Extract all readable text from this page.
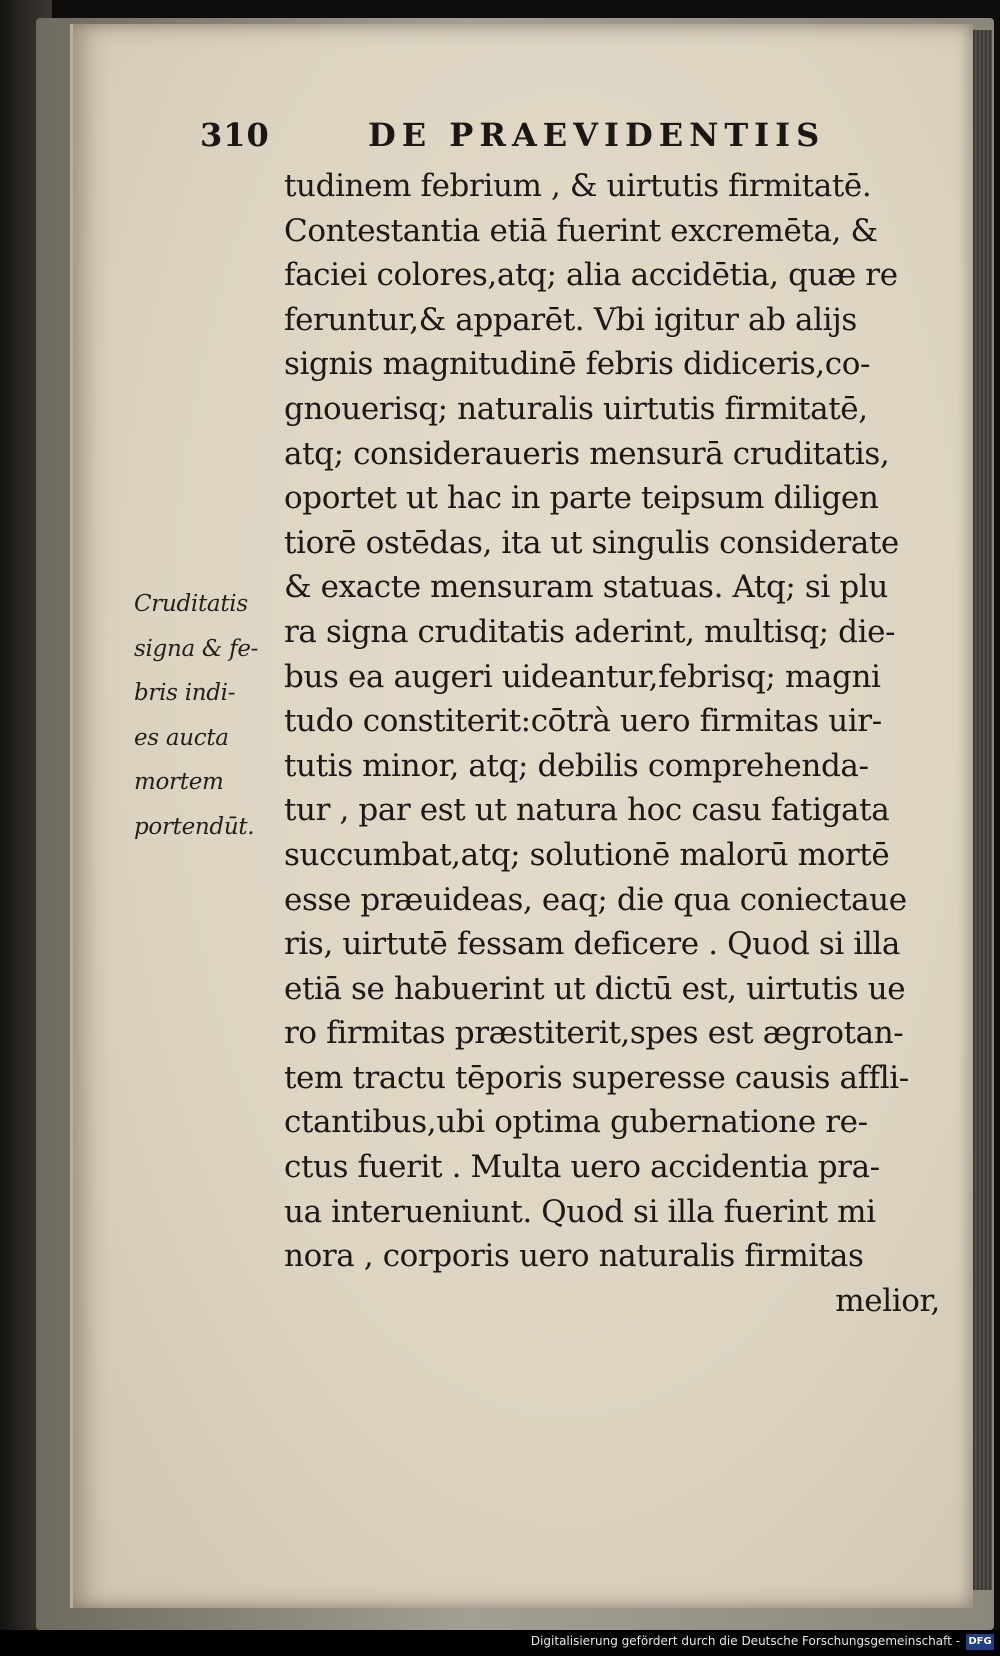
310	DE PRAEVIDENTIIS
Cruditatis
signa & fe-
bris indi-
es aucta
mortem
portendūt.
tudinem febrium , & uirtutis firmitatē.
Contestantia etiā fuerint excremēta, &
faciei colores,atq; alia accidētia, quæ re
feruntur,& apparēt. Vbi igitur ab alijs
signis magnitudinē febris didiceris,co-
gnouerisq; naturalis uirtutis firmitatē,
atq; consideraueris mensurā cruditatis,
oportet ut hac in parte teipsum diligen
tiorē ostēdas, ita ut singulis considerate
& exacte mensuram statuas. Atq; si plu
ra signa cruditatis aderint, multisq; die-
bus ea augeri uideantur,febrisq; magni
tudo constiterit:cōtrà uero firmitas uir-
tutis minor, atq; debilis comprehenda-
tur , par est ut natura hoc casu fatigata
succumbat,atq; solutionē malorū mortē
esse præuideas, eaq; die qua coniectaue
ris, uirtutē fessam deficere . Quod si illa
etiā se habuerint ut dictū est, uirtutis ue
ro firmitas præstiterit,spes est ægrotan-
tem tractu tēporis superesse causis affli-
ctantibus,ubi optima gubernatione re-
ctus fuerit . Multa uero accidentia pra-
ua interueniunt. Quod si illa fuerint mi
nora , corporis uero naturalis firmitas
melior,
Digitalisierung gefördert durch die Deutsche Forschungsgemeinschaft - DFG
